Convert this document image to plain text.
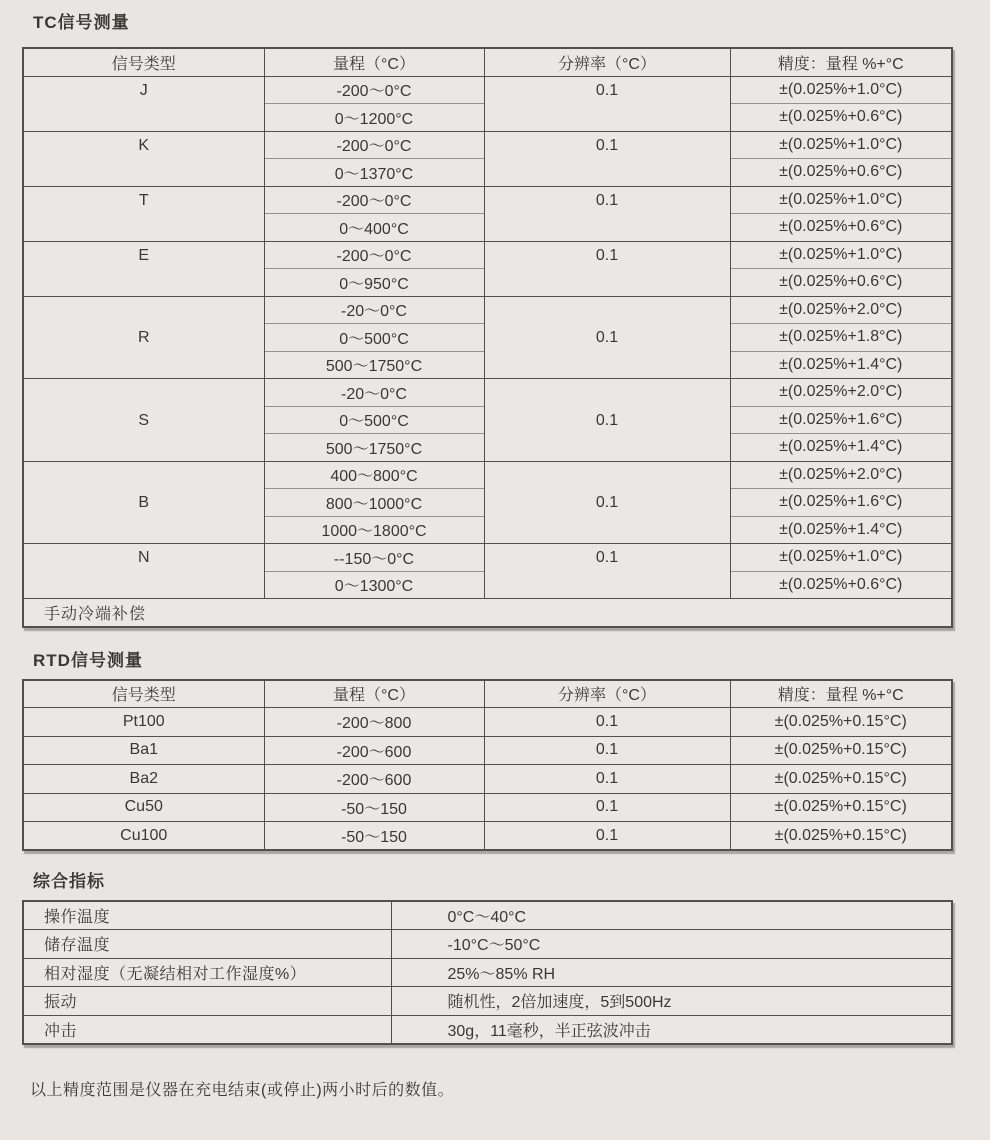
TC信号测量
信号类型	量程（°C）	分辨率（°C）	精度：量程 %+°C

J	-200～0°C	0.1	±(0.025%+1.0°C)
	0～1200°C		±(0.025%+0.6°C)

K	-200～0°C	0.1	±(0.025%+1.0°C)
	0～1370°C		±(0.025%+0.6°C)

T	-200～0°C	0.1	±(0.025%+1.0°C)
	0～400°C		±(0.025%+0.6°C)

E	-200～0°C	0.1	±(0.025%+1.0°C)
	0～950°C		±(0.025%+0.6°C)

R	-20～0°C	0.1	±(0.025%+2.0°C)
	0～500°C		±(0.025%+1.8°C)
	500～1750°C		±(0.025%+1.4°C)

S	-20～0°C	0.1	±(0.025%+2.0°C)
	0～500°C		±(0.025%+1.6°C)
	500～1750°C		±(0.025%+1.4°C)

B	400～800°C	0.1	±(0.025%+2.0°C)
	800～1000°C		±(0.025%+1.6°C)
	1000～1800°C		±(0.025%+1.4°C)

N	--150～0°C	0.1	±(0.025%+1.0°C)
	0～1300°C		±(0.025%+0.6°C)
手动冷端补偿			
RTD信号测量
信号类型	量程（°C）	分辨率（°C）	精度：量程 %+°C
Pt100	-200～800	0.1	±(0.025%+0.15°C)
Ba1	-200～600	0.1	±(0.025%+0.15°C)
Ba2	-200～600	0.1	±(0.025%+0.15°C)
Cu50	-50～150	0.1	±(0.025%+0.15°C)
Cu100	-50～150	0.1	±(0.025%+0.15°C)
综合指标
操作温度	0°C～40°C
储存温度	-10°C～50°C
相对湿度（无凝结相对工作湿度%）	25%～85% RH
振动	随机性，2倍加速度，5到500Hz
冲击	30g，11毫秒，半正弦波冲击
以上精度范围是仪器在充电结束(或停止)两小时后的数值。
